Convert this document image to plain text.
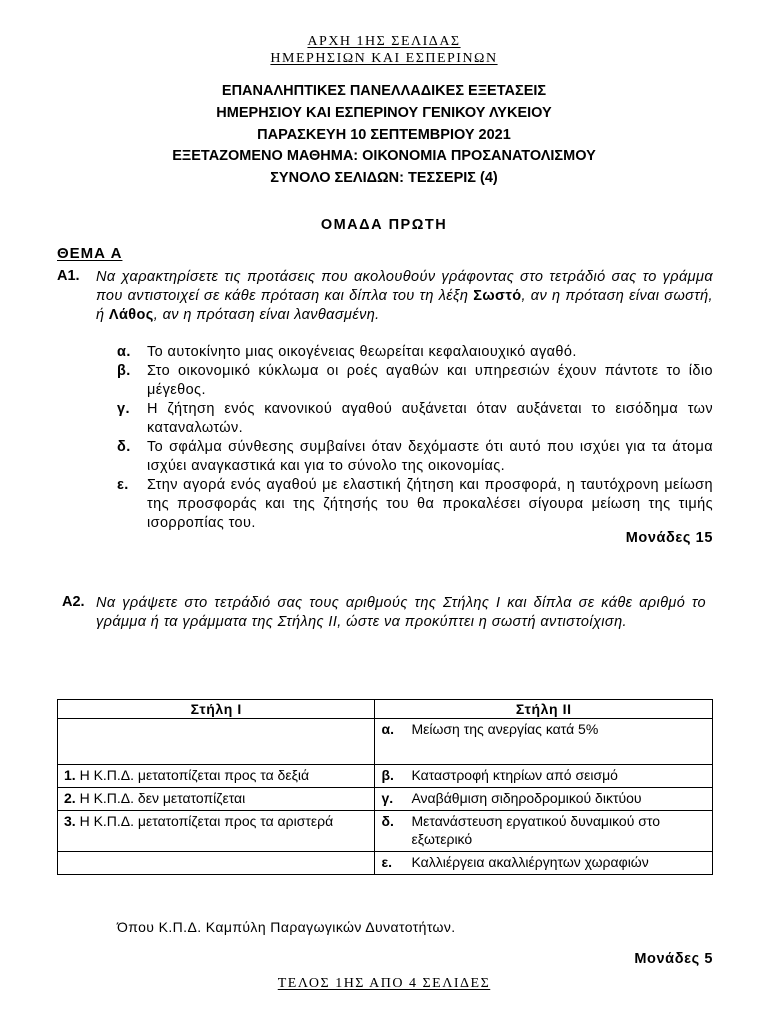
ΑΡΧΗ 1ΗΣ ΣΕΛΙΔΑΣ
ΗΜΕΡΗΣΙΩΝ ΚΑΙ ΕΣΠΕΡΙΝΩΝ
ΕΠΑΝΑΛΗΠΤΙΚΕΣ ΠΑΝΕΛΛΑΔΙΚΕΣ ΕΞΕΤΑΣΕΙΣ
ΗΜΕΡΗΣΙΟΥ ΚΑΙ ΕΣΠΕΡΙΝΟΥ ΓΕΝΙΚΟΥ ΛΥΚΕΙΟΥ
ΠΑΡΑΣΚΕΥΗ 10 ΣΕΠΤΕΜΒΡΙΟΥ 2021
ΕΞΕΤΑΖΟΜΕΝΟ ΜΑΘΗΜΑ: ΟΙΚΟΝΟΜΙΑ ΠΡΟΣΑΝΑΤΟΛΙΣΜΟΥ
ΣΥΝΟΛΟ ΣΕΛΙΔΩΝ: ΤΕΣΣΕΡΙΣ (4)
ΟΜΑΔΑ ΠΡΩΤΗ
ΘΕΜΑ Α
Α1. Να χαρακτηρίσετε τις προτάσεις που ακολουθούν γράφοντας στο τετράδιό σας το γράμμα που αντιστοιχεί σε κάθε πρόταση και δίπλα του τη λέξη Σωστό, αν η πρόταση είναι σωστή, ή Λάθος, αν η πρόταση είναι λανθασμένη.
α.	Το αυτοκίνητο μιας οικογένειας θεωρείται κεφαλαιουχικό αγαθό.
β.	Στο οικονομικό κύκλωμα οι ροές αγαθών και υπηρεσιών έχουν πάντοτε το ίδιο μέγεθος.
γ.	Η ζήτηση ενός κανονικού αγαθού αυξάνεται όταν αυξάνεται το εισόδημα των καταναλωτών.
δ.	Το σφάλμα σύνθεσης συμβαίνει όταν δεχόμαστε ότι αυτό που ισχύει για τα άτομα ισχύει αναγκαστικά και για το σύνολο της οικονομίας.
ε.	Στην αγορά ενός αγαθού με ελαστική ζήτηση και προσφορά, η ταυτόχρονη μείωση της προσφοράς και της ζήτησής του θα προκαλέσει σίγουρα μείωση της τιμής ισορροπίας του.
Μονάδες 15
Α2. Να γράψετε στο τετράδιό σας τους αριθμούς της Στήλης Ι και δίπλα σε κάθε αριθμό το γράμμα ή τα γράμματα της Στήλης ΙΙ, ώστε να προκύπτει η σωστή αντιστοίχιση.
Στήλη Ι	Στήλη ΙΙ

	α. Μείωση της ανεργίας κατά 5%

1. Η Κ.Π.Δ. μετατοπίζεται προς τα δεξιά	β. Καταστροφή κτηρίων από σεισμό

2. Η Κ.Π.Δ. δεν μετατοπίζεται	γ. Αναβάθμιση σιδηροδρομικού δικτύου

3. Η Κ.Π.Δ. μετατοπίζεται προς τα αριστερά	δ. Μετανάστευση εργατικού δυναμικού στο εξωτερικό

	ε. Καλλιέργεια ακαλλιέργητων χωραφιών
Όπου Κ.Π.Δ. Καμπύλη Παραγωγικών Δυνατοτήτων.
Μονάδες 5
ΤΕΛΟΣ 1ΗΣ ΑΠΟ 4 ΣΕΛΙΔΕΣ
